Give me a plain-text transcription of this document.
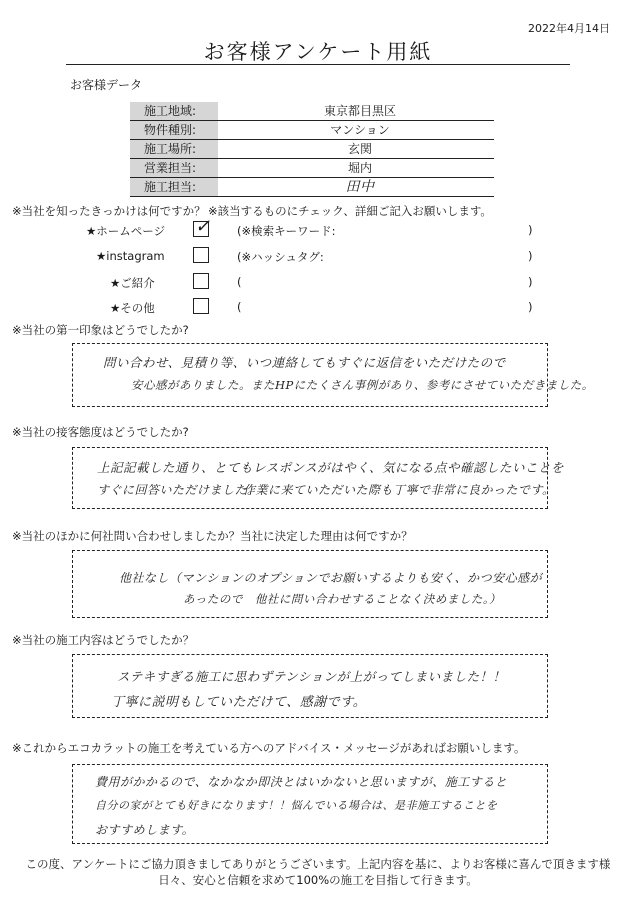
2022年4月14日
お客様アンケート用紙
お客様データ
施工地域:	東京都目黒区
物件種別:	マンション
施工場所:	玄関
営業担当:	堀内
施工担当:	田中
※当社を知ったきっかけは何ですか？ ※該当するものにチェック、詳細ご記入お願いします。
★ホームページ ✓ (※検索キーワード:	)
★instagram	(※ハッシュタグ:	)
★ご紹介	(	)
★その他	(	)
※当社の第一印象はどうでしたか?
問い合わせ、見積り等、いつ連絡してもすぐに返信をいただけたので
安心感がありました。またHPにたくさん事例があり、参考にさせていただきました。
※当社の接客態度はどうでしたか?
上記記載した通り、とてもレスポンスがはやく、気になる点や確認したいことを
すぐに回答いただけました。
作業に来ていただいた際も丁寧で非常に良かったです。
※当社のほかに何社問い合わせしましたか？当社に決定した理由は何ですか？
他社なし（マンションのオプションでお願いするよりも安く、かつ安心感が
あったので　他社に問い合わせすることなく決めました。）
※当社の施工内容はどうでしたか？
ステキすぎる施工に思わずテンションが上がってしまいました！！
丁寧に説明もしていただけて、感謝です。
※これからエコカラットの施工を考えている方へのアドバイス・メッセージがあればお願いします。
費用がかかるので、なかなか即決とはいかないと思いますが、施工すると
自分の家がとても好きになります！！悩んでいる場合は、是非施工することを
おすすめします。
この度、アンケートにご協力頂きましてありがとうございます。上記内容を基に、よりお客様に喜んで頂きます様
日々、安心と信頼を求めて100%の施工を目指して行きます。
